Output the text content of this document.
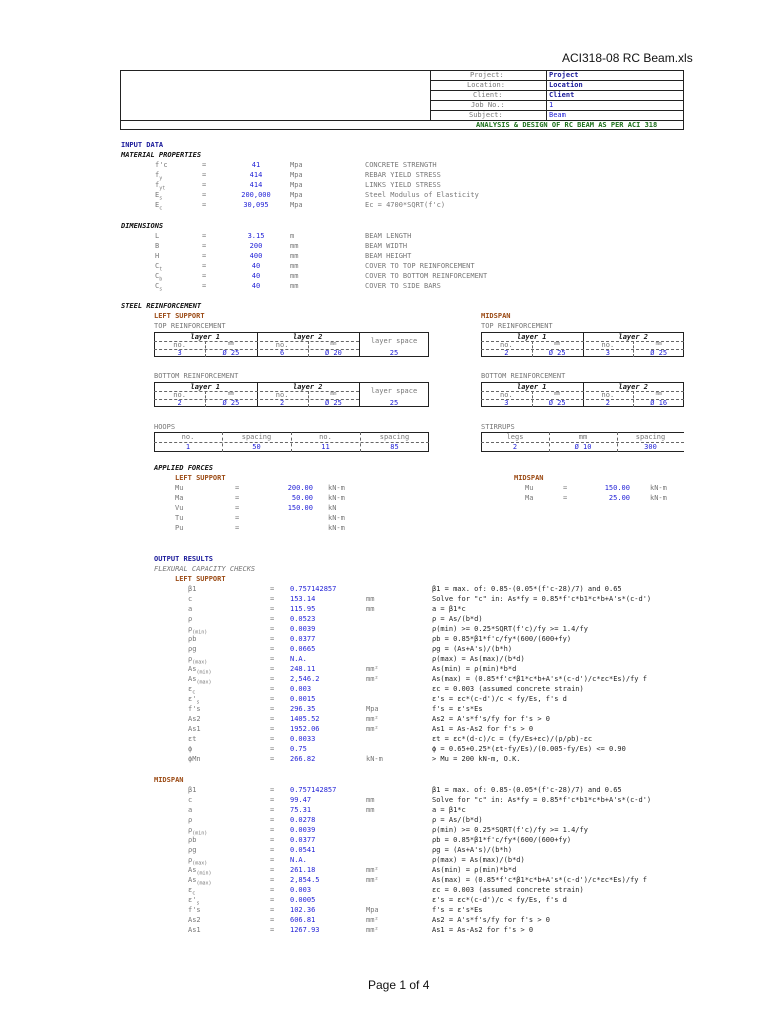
ACI318-08 RC Beam.xls
Project:	Project
Location:	Location
Client:	Client
Job No.:	1
Subject:	Beam
ANALYSIS & DESIGN OF RC BEAM AS PER ACI 318
INPUT DATA
MATERIAL PROPERTIES
f'c	=	41	Mpa	CONCRETE STRENGTH
$f_y$	=	414	Mpa	REBAR YIELD STRESS
$f_{yt}$	=	414	Mpa	LINKS YIELD STRESS
$E_s$	=	200,000	Mpa	Steel Modulus of Elasticity
$E_c$	=	30,095	Mpa	Ec = 4700*SQRT(f'c)
DIMENSIONS
L	=	3.15	m	BEAM LENGTH
B	=	200	mm	BEAM WIDTH
H	=	400	mm	BEAM HEIGHT
$C_t$	=	40	mm	COVER TO TOP REINFORCEMENT
$C_b$	=	40	mm	COVER TO BOTTOM REINFORCEMENT
$C_s$	=	40	mm	COVER TO SIDE BARS
STEEL REINFORCEMENT
LEFT SUPPORT	MIDSPAN
TOP REINFORCEMENT	TOP REINFORCEMENT
layer 1	layer 2	layer space
no.	mm	no.	mm
3	Ø 25	6	Ø 20	25
layer 1	layer 2
no.	mm	no.	mm
2	Ø 25	3	Ø 25
layer 1	layer 2	layer space
no.	mm	no.	mm
2	Ø 25	2	Ø 25	25
layer 1	layer 2
no.	mm	no.	mm
3	Ø 25	2	Ø 16
BOTTOM REINFORCEMENT	BOTTOM REINFORCEMENT
HOOPS	STIRRUPS
no.	spacing	no.	spacing
1	50	11	85
legs	mm	spacing
2	Ø 10	300
APPLIED FORCES
LEFT SUPPORT	MIDSPAN
Mu	=	200.00 kN-m
Ma	=	50.00 kN-m
Vu	=	150.00 kN
Tu	=	kN-m
Pu	=	kN-m
Mu	=	150.00	kN-m
Ma	=	25.00	kN-m
OUTPUT RESULTS
FLEXURAL CAPACITY CHECKS
LEFT SUPPORT
β1	= 0.757142857	β1 = max. of: 0.85-(0.05*(f'c-28)/7) and 0.65
c	= 153.14	mm	Solve for "c" in: As*fy = 0.85*f'c*b1*c*b+A's*(c-d')
a	= 115.95	mm	a = β1*c
ρ	= 0.0523	ρ = As/(b*d)
$\rho_{(min)}$	= 0.0039	ρ(min) >= 0.25*SQRT(f'c)/fy >= 1.4/fy
ρb	= 0.0377	ρb = 0.85*β1*f'c/fy*(600/(600+fy)
ρg	= 0.0665	ρg = (As+A's)/(b*h)
$\rho_{(max)}$	= N.A.	ρ(max) = As(max)/(b*d)
$As_{(min)}$	= 248.11	mm²	As(min) = ρ(min)*b*d
$As_{(max)}$	= 2,546.2	mm²	As(max) = (0.85*f'c*β1*c*b+A's*(c-d')/c*εc*Es)/fy f
$\varepsilon_c$	= 0.003	εc = 0.003 (assumed concrete strain)
$\varepsilon'_s$	= 0.0015	ε's = εc*(c-d')/c < fy/Es, f's d
f's	= 296.35	Mpa	f's = ε's*Es
As2	= 1405.52	mm²	As2 = A's*f's/fy for f's > 0
As1	= 1952.06	mm²	As1 = As-As2 for f's > 0
εt	= 0.0033	εt = εc*(d-c)/c = (fy/Es+εc)/(ρ/ρb)-εc
ϕ	= 0.75	ϕ = 0.65+0.25*(εt-fy/Es)/(0.005-fy/Es) <= 0.90
ϕMn	= 266.82	kN-m	> Mu = 200 kN-m, O.K.
MIDSPAN
β1	= 0.757142857	β1 = max. of: 0.85-(0.05*(f'c-28)/7) and 0.65
c	= 99.47	mm	Solve for "c" in: As*fy = 0.85*f'c*b1*c*b+A's*(c-d')
a	= 75.31	mm	a = β1*c
ρ	= 0.0278	ρ = As/(b*d)
$\rho_{(min)}$	= 0.0039	ρ(min) >= 0.25*SQRT(f'c)/fy >= 1.4/fy
ρb	= 0.0377	ρb = 0.85*β1*f'c/fy*(600/(600+fy)
ρg	= 0.0541	ρg = (As+A's)/(b*h)
$\rho_{(max)}$	= N.A.	ρ(max) = As(max)/(b*d)
$As_{(min)}$	= 261.18	mm²	As(min) = ρ(min)*b*d
$As_{(max)}$	= 2,854.5	mm²	As(max) = (0.85*f'c*β1*c*b+A's*(c-d')/c*εc*Es)/fy f
$\varepsilon_c$	= 0.003	εc = 0.003 (assumed concrete strain)
$\varepsilon'_s$	= 0.0005	ε's = εc*(c-d')/c < fy/Es, f's d
f's	= 102.36	Mpa	f's = ε's*Es
As2	= 606.81	mm²	As2 = A's*f's/fy for f's > 0
As1	= 1267.93	mm²	As1 = As-As2 for f's > 0
Page 1 of 4
